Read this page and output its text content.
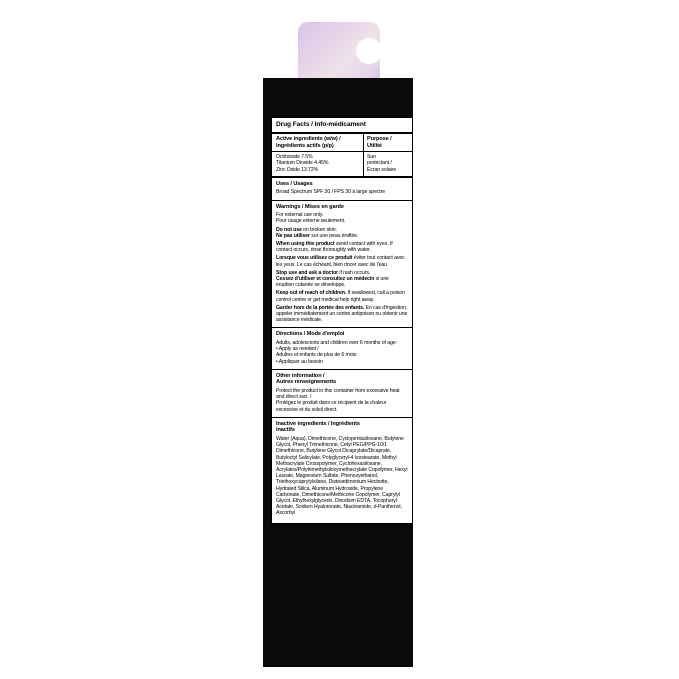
Drug Facts / Info-médicament
Active ingredients (w/w) /
Ingrédients actifs (p/p)
Purpose /
Utilité
Octinoxate 7.5%
Titanium Dioxide 4.45%
Zinc Oxide 13.72%
Sun
protectant /
Écran solaire
Uses / Usages
Broad Spectrum SPF 30 / FPS 30 à large spectre
Warnings / Mises en garde
For external use only.
Pour usage externe seulement.
Do not use on broken skin.
Ne pas utiliser sur une peau éraflée.
When using this product avoid contact with eyes. If contact occurs, rinse thoroughly with water.
Lorsque vous utilisez ce produit éviter tout contact avec les yeux. Le cas échéant, bien rincer avec de l'eau
Stop use and ask a doctor if rash occurs.
Cessez d'utiliser et consultez un médecin si une éruption cutanée se développe.
Keep out of reach of children. If swallowed, call a poison control centre or get medical help right away.
Garder hors de la portée des enfants. En cas d'ingestion, appeler immédiatement un centre antipoison ou obtenir une assistance médicale.
Directions / Mode d'emploi
Adults, adolescents and children over 6 months of age:
• Apply as needed /
Adultes et enfants de plus de 6 mois:
• Appliquer au besoin
Other information /
Autres renseignements
Protect the product in this container from excessive heat and direct sun. /
Protégez le produit dans ce récipient de la chaleur excessive et du soleil direct.
Inactive ingredients / Ingrédients
inactifs
Water (Aqua), Dimethicone, Cyclopentasiloxane, Butylene Glycol, Phenyl Trimethicone, Cetyl PEG/PPG-10/1 Dimethicone, Butylene Glycol Dicaprylate/Dicaprate, Butyloctyl Salicylate, Polyglyceryl-4 Isostearate, Methyl Methacrylate Crosspolymer, Cyclohexasiloxane, Acrylates/Polytrimethylsiloxymethacrylate Copolymer, Hexyl Laurate, Magnesium Sulfate, Phenoxyethanol, Triethoxycaprylylsilane, Disteardimonium Hectorite, Hydrated Silica, Aluminum Hydroxide, Propylene Carbonate, Dimethicone/Methicone Copolymer, Caprylyl Glycol, Ethylhexylglycerin, Disodium EDTA, Tocopheryl Acetate, Sodium Hyaluronate, Niacinamide, d-Panthenol, Ascorbyl
